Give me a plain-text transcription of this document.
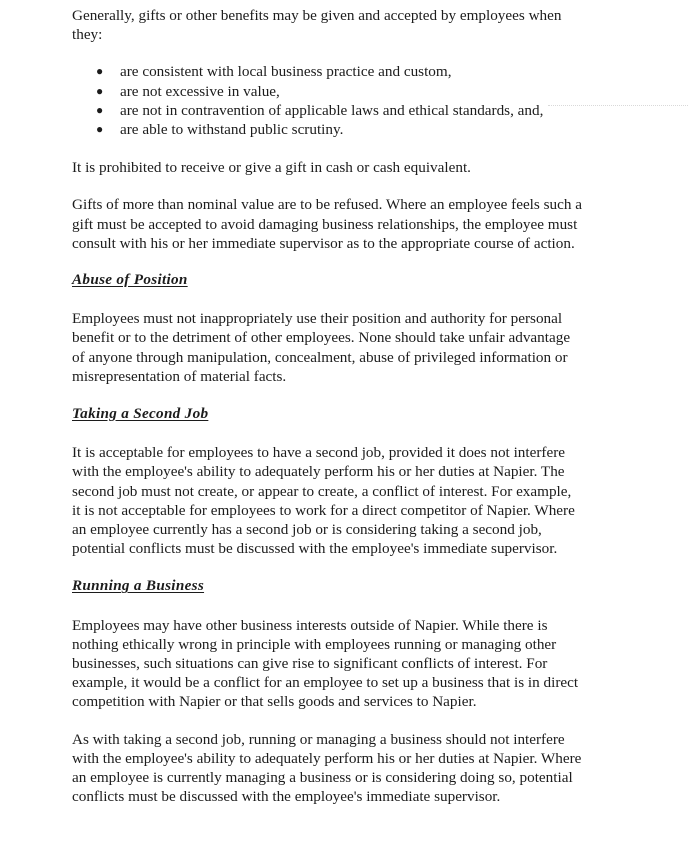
Generally, gifts or other benefits may be given and accepted by employees when they:

● are consistent with local business practice and custom,
● are not excessive in value,
● are not in contravention of applicable laws and ethical standards, and,
● are able to withstand public scrutiny.

It is prohibited to receive or give a gift in cash or cash equivalent.

Gifts of more than nominal value are to be refused. Where an employee feels such a gift must be accepted to avoid damaging business relationships, the employee must consult with his or her immediate supervisor as to the appropriate course of action.

Abuse of Position

Employees must not inappropriately use their position and authority for personal benefit or to the detriment of other employees. None should take unfair advantage of anyone through manipulation, concealment, abuse of privileged information or misrepresentation of material facts.

Taking a Second Job

It is acceptable for employees to have a second job, provided it does not interfere with the employee's ability to adequately perform his or her duties at Napier. The second job must not create, or appear to create, a conflict of interest. For example, it is not acceptable for employees to work for a direct competitor of Napier. Where an employee currently has a second job or is considering taking a second job, potential conflicts must be discussed with the employee's immediate supervisor.

Running a Business

Employees may have other business interests outside of Napier. While there is nothing ethically wrong in principle with employees running or managing other businesses, such situations can give rise to significant conflicts of interest. For example, it would be a conflict for an employee to set up a business that is in direct competition with Napier or that sells goods and services to Napier.

As with taking a second job, running or managing a business should not interfere with the employee's ability to adequately perform his or her duties at Napier. Where an employee is currently managing a business or is considering doing so, potential conflicts must be discussed with the employee's immediate supervisor.
